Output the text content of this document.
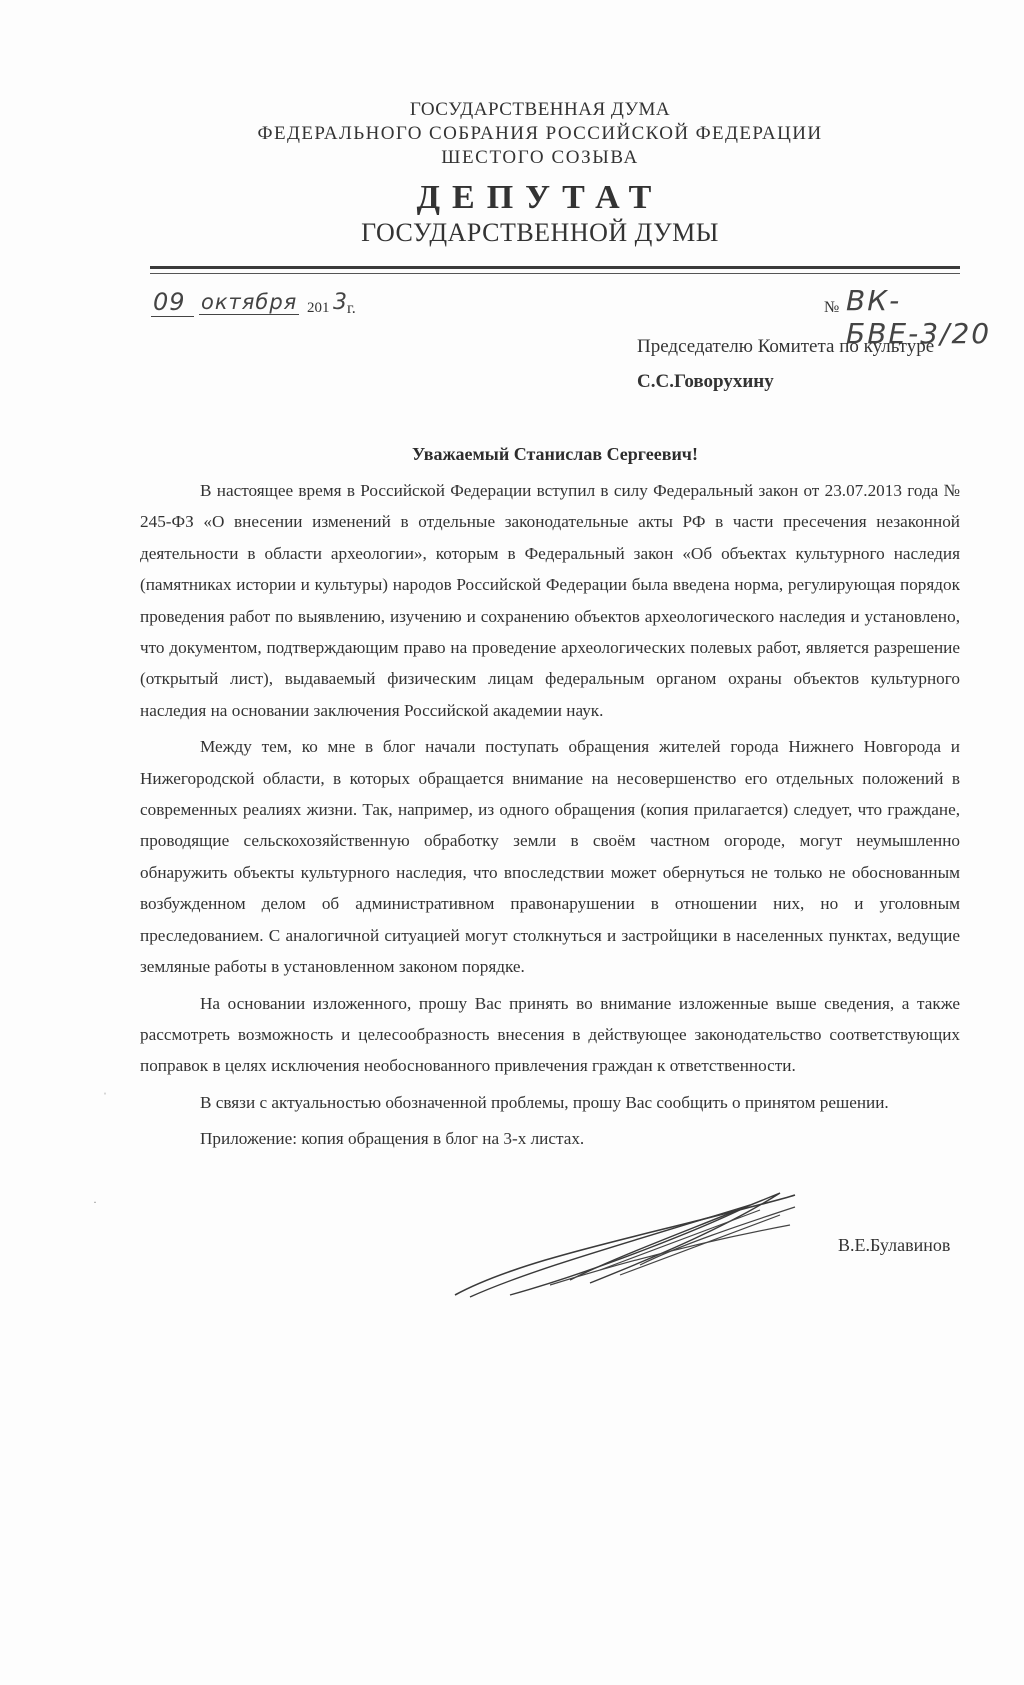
ГОСУДАРСТВЕННАЯ ДУМА
ФЕДЕРАЛЬНОГО СОБРАНИЯ РОССИЙСКОЙ ФЕДЕРАЦИИ
ШЕСТОГО СОЗЫВА
ДЕПУТАТ
ГОСУДАРСТВЕННОЙ ДУМЫ
09 октября 201 3 г.	№ ВК-БВЕ-3/20
Председателю Комитета по культуре
С.С.Говорухину
Уважаемый Станислав Сергеевич!

В настоящее время в Российской Федерации вступил в силу Федеральный закон от 23.07.2013 года № 245-ФЗ «О внесении изменений в отдельные законодательные акты РФ в части пресечения незаконной деятельности в области археологии», которым в Федеральный закон «Об объектах культурного наследия (памятниках истории и культуры) народов Российской Федерации была введена норма, регулирующая порядок проведения работ по выявлению, изучению и сохранению объектов археологического наследия и установлено, что документом, подтверждающим право на проведение археологических полевых работ, является разрешение (открытый лист), выдаваемый физическим лицам федеральным органом охраны объектов культурного наследия на основании заключения Российской академии наук.

Между тем, ко мне в блог начали поступать обращения жителей города Нижнего Новгорода и Нижегородской области, в которых обращается внимание на несовершенство его отдельных положений в современных реалиях жизни. Так, например, из одного обращения (копия прилагается) следует, что граждане, проводящие сельскохозяйственную обработку земли в своём частном огороде, могут неумышленно обнаружить объекты культурного наследия, что впоследствии может обернуться не только не обоснованным возбужденном делом об административном правонарушении в отношении них, но и уголовным преследованием. С аналогичной ситуацией могут столкнуться и застройщики в населенных пунктах, ведущие земляные работы в установленном законом порядке.

На основании изложенного, прошу Вас принять во внимание изложенные выше сведения, а также рассмотреть возможность и целесообразность внесения в действующее законодательство соответствующих поправок в целях исключения необоснованного привлечения граждан к ответственности.

В связи с актуальностью обозначенной проблемы, прошу Вас сообщить о принятом решении.

Приложение: копия обращения в блог на 3-х листах.

В.Е.Булавинов
ˈ
·
